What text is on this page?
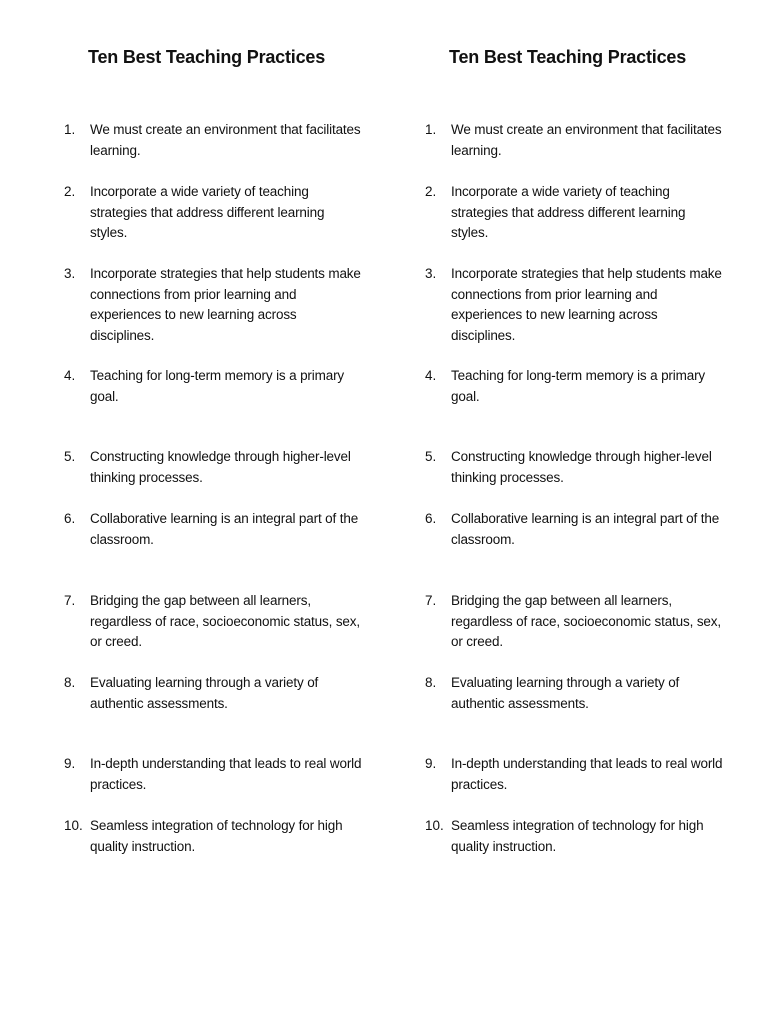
Ten Best Teaching Practices
1.	We must create an environment that facilitates learning.
2.	Incorporate a wide variety of teaching strategies that address different learning styles.
3.	Incorporate strategies that help students make connections from prior learning and experiences to new learning across disciplines.
4.	Teaching for long-term memory is a primary goal.
5.	Constructing knowledge through higher-level thinking processes.
6.	Collaborative learning is an integral part of the classroom.
7.	Bridging the gap between all learners, regardless of race, socioeconomic status, sex, or creed.
8.	Evaluating learning through a variety of authentic assessments.
9.	In-depth understanding that leads to real world practices.
10. Seamless integration of technology for high quality instruction.
Ten Best Teaching Practices
1.	We must create an environment that facilitates learning.
2.	Incorporate a wide variety of teaching strategies that address different learning styles.
3.	Incorporate strategies that help students make connections from prior learning and experiences to new learning across disciplines.
4.	Teaching for long-term memory is a primary goal.
5.	Constructing knowledge through higher-level thinking processes.
6.	Collaborative learning is an integral part of the classroom.
7.	Bridging the gap between all learners, regardless of race, socioeconomic status, sex, or creed.
8.	Evaluating learning through a variety of authentic assessments.
9.	In-depth understanding that leads to real world practices.
10. Seamless integration of technology for high quality instruction.
